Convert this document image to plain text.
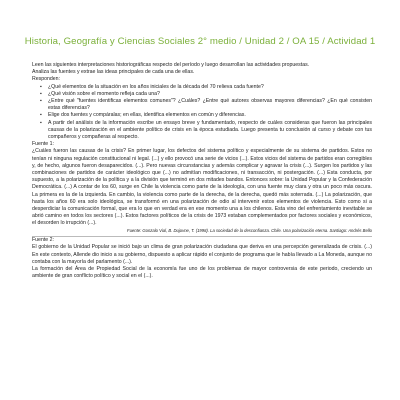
Historia, Geografía y Ciencias Sociales 2° medio / Unidad 2 / OA 15 / Actividad 1

Leen las siguientes interpretaciones historiográficas respecto del período y luego desarrollan las actividades propuestas.

Analiza las fuentes y extrae las ideas principales de cada una de ellas.

Responden:

▪ ¿Qué elementos de la situación en los años iniciales de la década del 70 relieva cada fuente?
▪ ¿Qué visión sobre el momento refleja cada una?
▪ ¿Entre qué "fuentes identificas elementos comunes"? ¿Cuáles? ¿Entre qué autores observas mayores diferencias? ¿En qué consisten estas diferencias?
▪ Elige dos fuentes y compáralas; en ellas, identifica elementos en común y diferencias.
▪ A partir del análisis de la información escribe un ensayo breve y fundamentado, respecto de cuáles consideras que fueron las principales causas de la polarización en el ambiente político de crisis en la época estudiada. Luego presenta tu conclusión al curso y debate con tus compañeros y compañeras al respecto.

Fuente 1:

¿Cuáles fueron las causas de la crisis? En primer lugar, los defectos del sistema político y especialmente de su sistema de partidos. Estos no tenían ni ninguna regulación constitucional ni legal. (...) y ello provocó una serie de vicios (...). Estos vicios del sistema de partidos eran corregibles y, de hecho, algunos fueron desaparecidos. (...). Pero nuevas circunstancias y además complicar y agravar la crisis (...). Surgen los partidos y las combinaciones de partidos de carácter ideológico que (...) no admitían modificaciones, ni transacción, ni postergación. (...) Esta conducta, por supuesto, a la polarización de la política y a la división que terminó en dos mitades bandos. Entonces sobre: la Unidad Popular y la Confederación Democrática. (...) A contar de los 60, surge en Chile la violencia como parte de la ideología, con una fuente muy clara y otra un poco más oscura. La primera es la de la izquierda. En cambio, la violencia como parte de la derecha, de la derecha, quedó más soterrada. (...) La polarización, que hasta los años 60 era solo ideológica, se transformó en una polarización de odio al intervenir estos elementos de violencia. Esto como si a desperdiciar la comunicación formal, que era lo que en verdad era en ese momento una a los chilenos. Esta vino del enfrentamiento inevitable se abrió camino en todos los sectores (...). Estos factores políticos de la crisis de 1973 estaban complementados por factores sociales y económicos, el desorden lo irrupción (...).

Fuente: Gonzalo Vial, B. Dujovne, T. (1998). La sociedad de la desconfianza. Chile. Una polarización eterna. Santiago: Andrés Bello

Fuente 2:

El gobierno de la Unidad Popular se inició bajo un clima de gran polarización ciudadana que deriva en una percepción generalizada de crisis. (...) En este contexto, Allende dio inicio a su gobierno, dispuesto a aplicar rápido el conjunto de programa que le había llevado a La Moneda, aunque no contaba con la mayoría del parlamento (...).

La formación del Área de Propiedad Social de la economía fue uno de los problemas de mayor controversia de este periodo, creciendo un ambiente de gran conflicto político y social en el (...).
